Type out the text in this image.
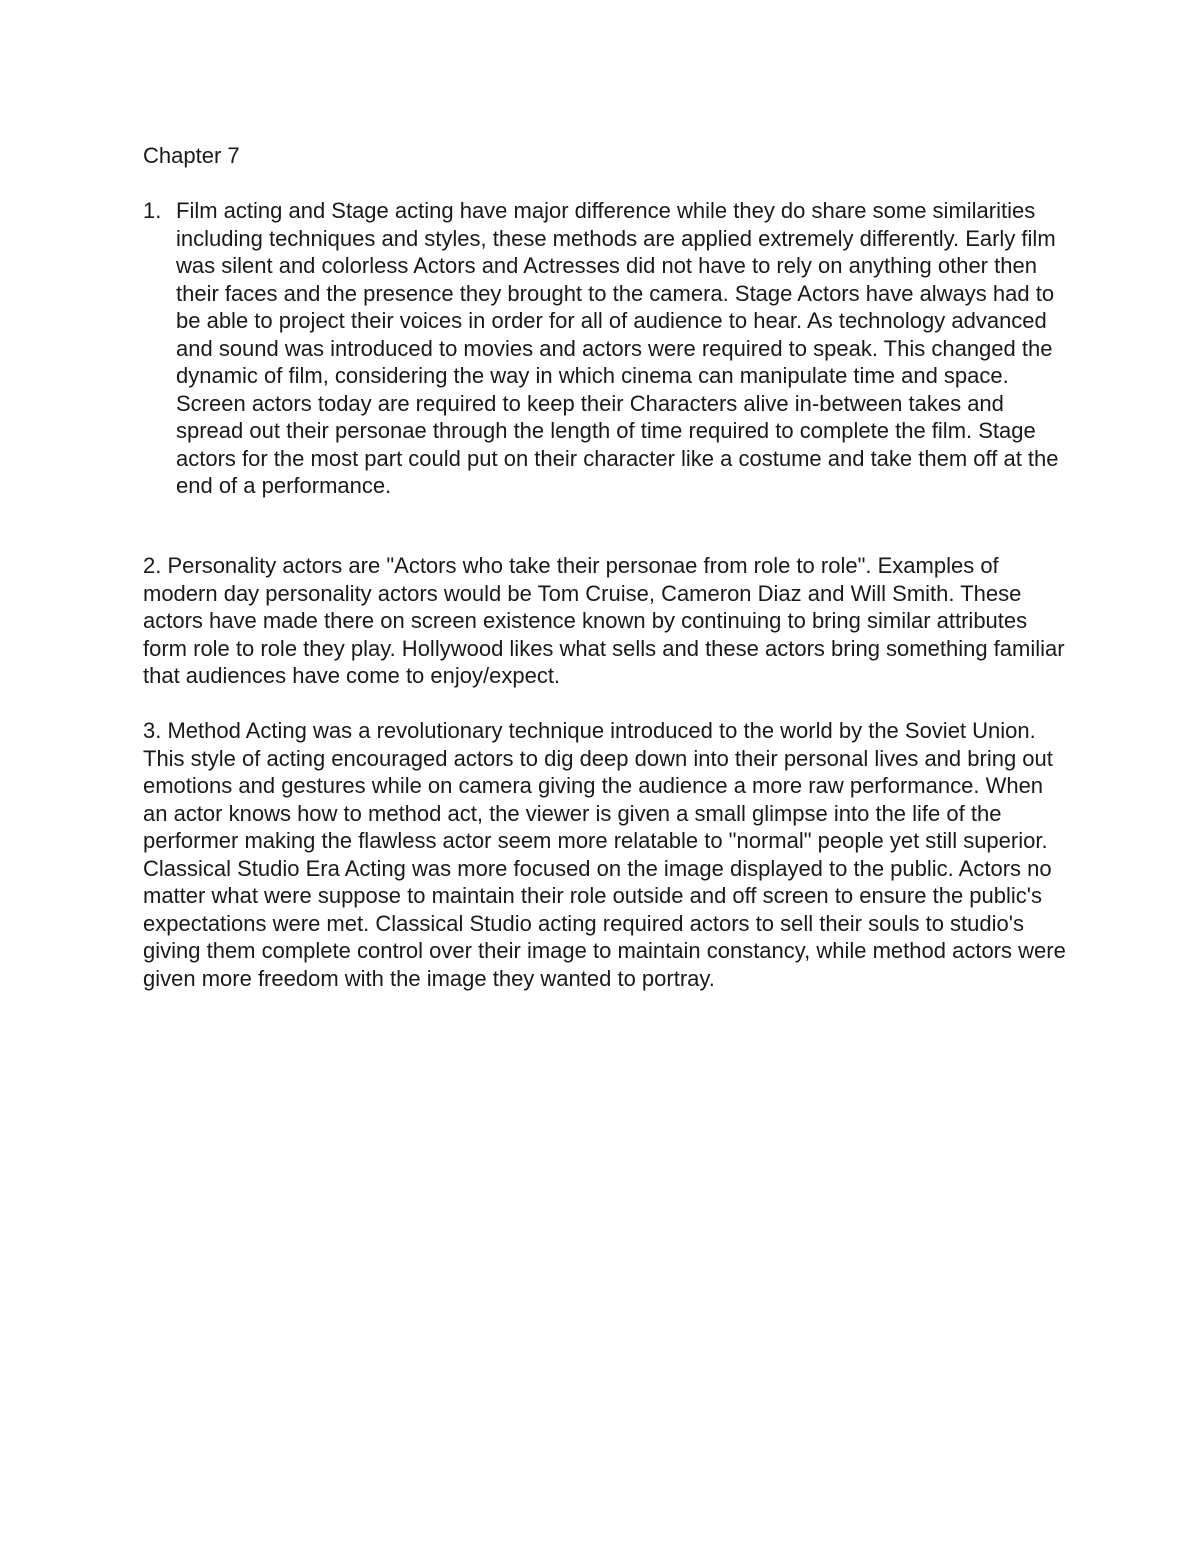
Chapter 7
1. Film acting and Stage acting have major difference while they do share some similarities including techniques and styles, these methods are applied extremely differently. Early film was silent and colorless Actors and Actresses did not have to rely on anything other then their faces and the presence they brought to the camera. Stage Actors have always had to be able to project their voices in order for all of audience to hear. As technology advanced and sound was introduced to movies and actors were required to speak. This changed the dynamic of film, considering the way in which cinema can manipulate time and space. Screen actors today are required to keep their Characters alive in-between takes and spread out their personae through the length of time required to complete the film. Stage actors for the most part could put on their character like a costume and take them off at the end of a performance.

2. Personality actors are "Actors who take their personae from role to role". Examples of modern day personality actors would be Tom Cruise, Cameron Diaz and Will Smith. These actors have made there on screen existence known by continuing to bring similar attributes form role to role they play. Hollywood likes what sells and these actors bring something familiar that audiences have come to enjoy/expect.

3. Method Acting was a revolutionary technique introduced to the world by the Soviet Union. This style of acting encouraged actors to dig deep down into their personal lives and bring out emotions and gestures while on camera giving the audience a more raw performance. When an actor knows how to method act, the viewer is given a small glimpse into the life of the performer making the flawless actor seem more relatable to "normal" people yet still superior. Classical Studio Era Acting was more focused on the image displayed to the public. Actors no matter what were suppose to maintain their role outside and off screen to ensure the public's expectations were met. Classical Studio acting required actors to sell their souls to studio's giving them complete control over their image to maintain constancy, while method actors were given more freedom with the image they wanted to portray.
